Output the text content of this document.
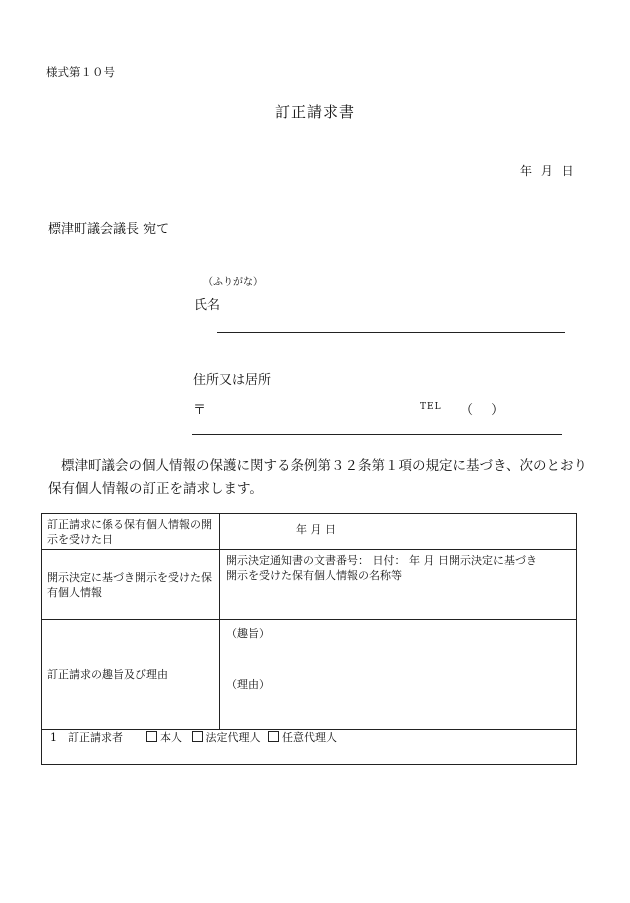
様式第１０号
訂正請求書
年 月 日
標津町議会議長 宛て
（ふりがな）
氏名
住所又は居所
〒	TEL （ ）
標津町議会の個人情報の保護に関する条例第３２条第１項の規定に基づき、次のとおり保有個人情報の訂正を請求します。
訂正請求に係る保有個人情報の開示を受けた日	年 月 日
開示決定に基づき開示を受けた保有個人情報	開示決定通知書の文書番号： 日付： 年 月 日開示決定に基づき
開示を受けた保有個人情報の名称等

訂正請求の趣旨及び理由	（趣旨）
（理由）

1　訂正請求者 本人 法定代理人 任意代理人	
